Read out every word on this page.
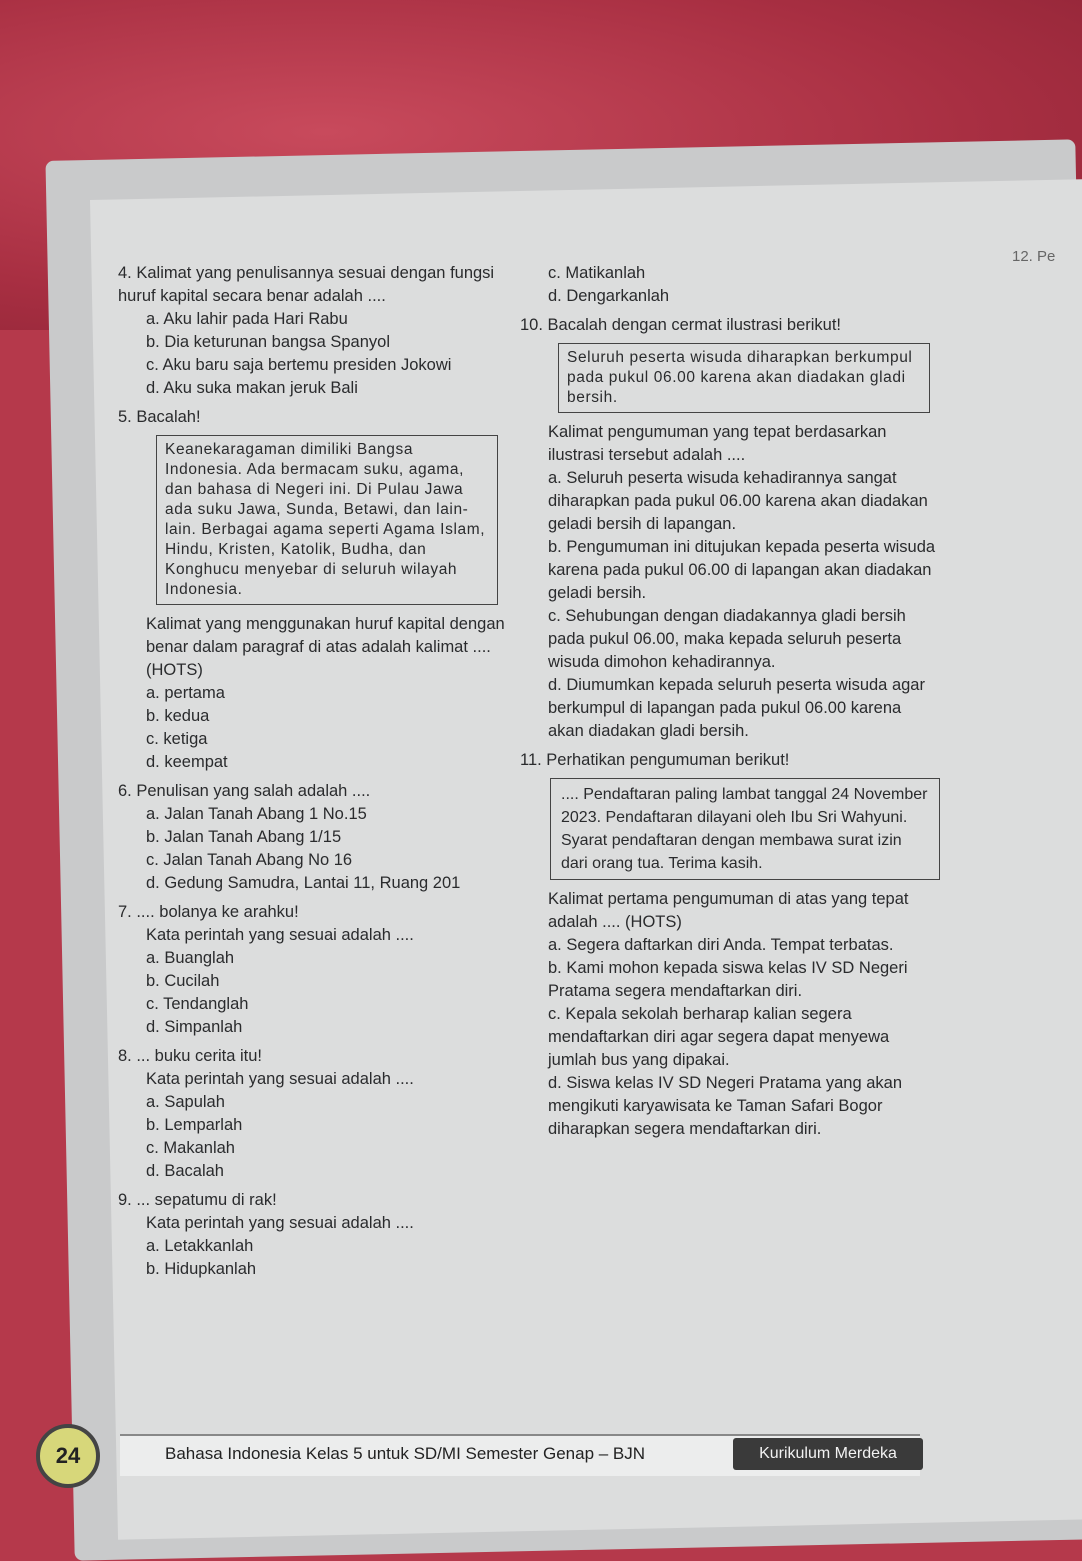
12. Pe

4. Kalimat yang penulisannya sesuai dengan fungsi huruf kapital secara benar adalah ....

a. Aku lahir pada Hari Rabu

b. Dia keturunan bangsa Spanyol

c. Aku baru saja bertemu presiden Jokowi

d. Aku suka makan jeruk Bali

5. Bacalah!

Keanekaragaman dimiliki Bangsa Indonesia. Ada bermacam suku, agama, dan bahasa di Negeri ini. Di Pulau Jawa ada suku Jawa, Sunda, Betawi, dan lain-lain. Berbagai agama seperti Agama Islam, Hindu, Kristen, Katolik, Budha, dan Konghucu menyebar di seluruh wilayah Indonesia.

Kalimat yang menggunakan huruf kapital dengan benar dalam paragraf di atas adalah kalimat .... (HOTS)

a. pertama

b. kedua

c. ketiga

d. keempat

6. Penulisan yang salah adalah ....

a. Jalan Tanah Abang 1 No.15

b. Jalan Tanah Abang 1/15

c. Jalan Tanah Abang No 16

d. Gedung Samudra, Lantai 11, Ruang 201

7. .... bolanya ke arahku!

Kata perintah yang sesuai adalah ....

a. Buanglah

b. Cucilah

c. Tendanglah

d. Simpanlah

8. ... buku cerita itu!

Kata perintah yang sesuai adalah ....

a. Sapulah

b. Lemparlah

c. Makanlah

d. Bacalah

9. ... sepatumu di rak!

Kata perintah yang sesuai adalah ....

a. Letakkanlah

b. Hidupkanlah

c. Matikanlah

d. Dengarkanlah

10. Bacalah dengan cermat ilustrasi berikut!

Seluruh peserta wisuda diharapkan berkumpul pada pukul 06.00 karena akan diadakan gladi bersih.

Kalimat pengumuman yang tepat berdasarkan ilustrasi tersebut adalah ....

a. Seluruh peserta wisuda kehadirannya sangat diharapkan pada pukul 06.00 karena akan diadakan geladi bersih di lapangan.

b. Pengumuman ini ditujukan kepada peserta wisuda karena pada pukul 06.00 di lapangan akan diadakan geladi bersih.

c. Sehubungan dengan diadakannya gladi bersih pada pukul 06.00, maka kepada seluruh peserta wisuda dimohon kehadirannya.

d. Diumumkan kepada seluruh peserta wisuda agar berkumpul di lapangan pada pukul 06.00 karena akan diadakan gladi bersih.

11. Perhatikan pengumuman berikut!

.... Pendaftaran paling lambat tanggal 24 November 2023. Pendaftaran dilayani oleh Ibu Sri Wahyuni. Syarat pendaftaran dengan membawa surat izin dari orang tua. Terima kasih.

Kalimat pertama pengumuman di atas yang tepat adalah .... (HOTS)

a. Segera daftarkan diri Anda. Tempat terbatas.

b. Kami mohon kepada siswa kelas IV SD Negeri Pratama segera mendaftarkan diri.

c. Kepala sekolah berharap kalian segera mendaftarkan diri agar segera dapat menyewa jumlah bus yang dipakai.

d. Siswa kelas IV SD Negeri Pratama yang akan mengikuti karyawisata ke Taman Safari Bogor diharapkan segera mendaftarkan diri.

24	Bahasa Indonesia Kelas 5 untuk SD/MI Semester Genap – BJN	Kurikulum Merdeka
